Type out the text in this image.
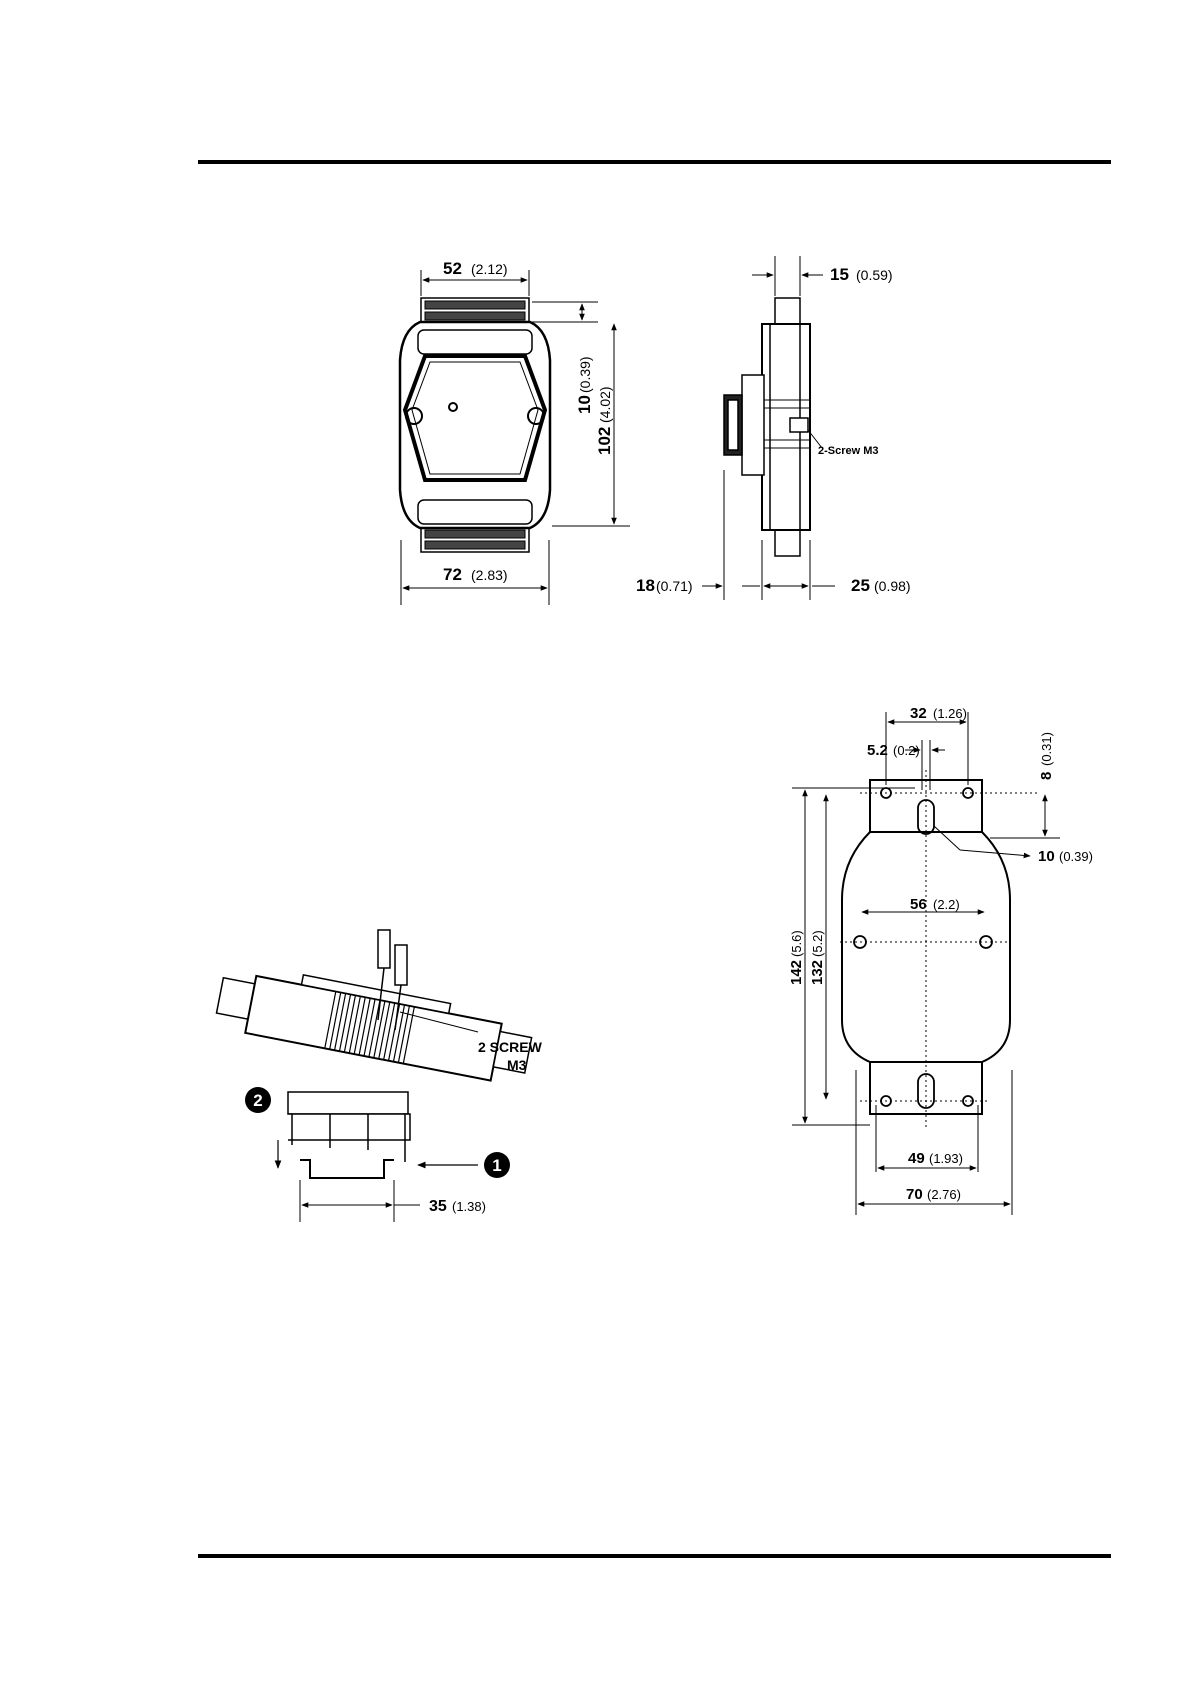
52 (2.12)
72 (2.83)
10
(0.39)
102
(4.02)
15 (0.59)
18 (0.71)	25 (0.98)
2-Screw M3
2 SCREW
M3
1
2
35 (1.38)
32 (1.26)
5.2 (0.2)
8
(0.31)
10 (0.39)
56 (2.2)
142
(5.6)
132
(5.2)
49 (1.93)
70 (2.76)
